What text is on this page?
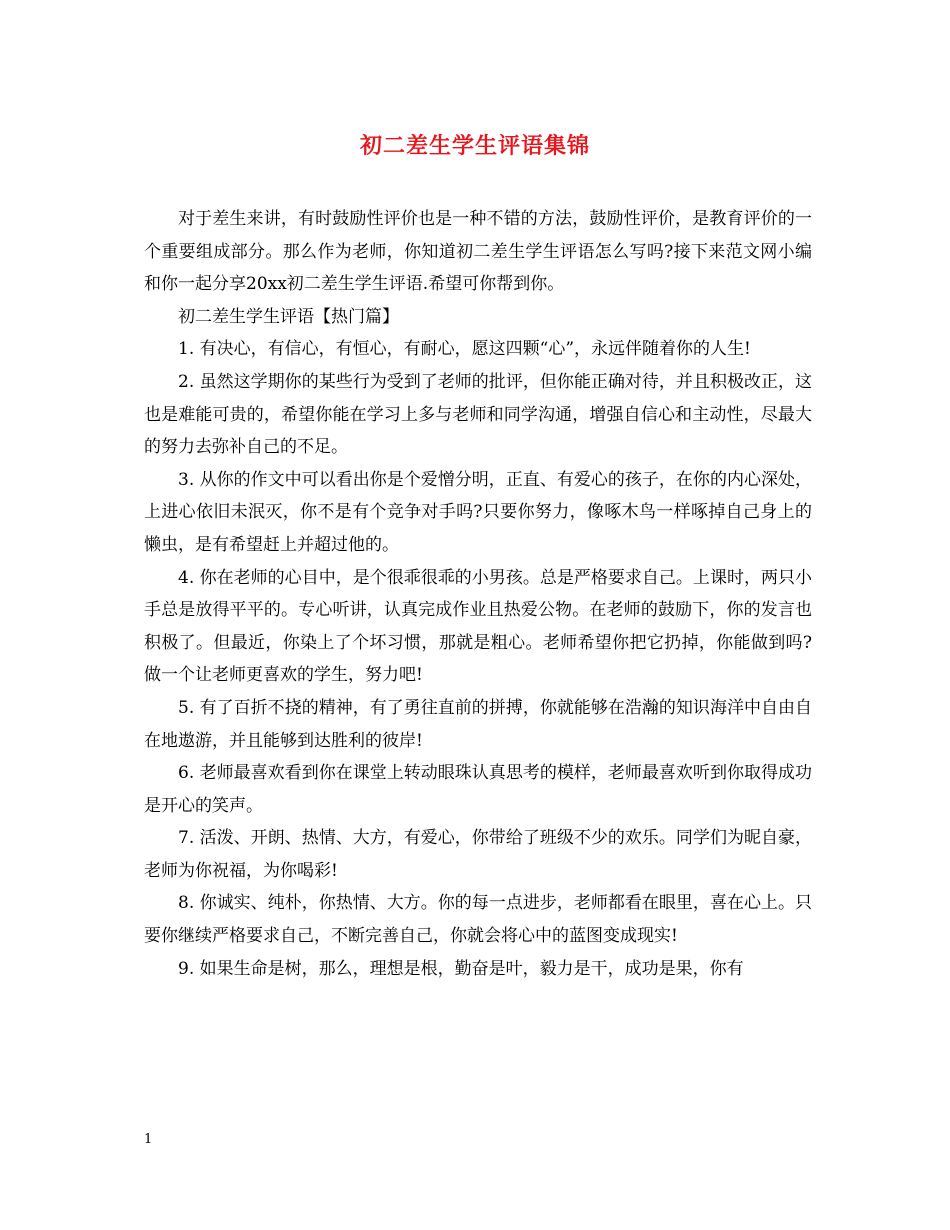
初二差生学生评语集锦

对于差生来讲，有时鼓励性评价也是一种不错的方法，鼓励性评价，是教育评价的一个重要组成部分。那么作为老师，你知道初二差生学生评语怎么写吗?接下来范文网小编和你一起分享20xx初二差生学生评语.希望可你帮到你。

初二差生学生评语【热门篇】

1. 有决心，有信心，有恒心，有耐心，愿这四颗“心”，永远伴随着你的人生!

2. 虽然这学期你的某些行为受到了老师的批评，但你能正确对待，并且积极改正，这也是难能可贵的，希望你能在学习上多与老师和同学沟通，增强自信心和主动性，尽最大的努力去弥补自己的不足。

3. 从你的作文中可以看出你是个爱憎分明，正直、有爱心的孩子，在你的内心深处，上进心依旧未泯灭，你不是有个竞争对手吗?只要你努力，像啄木鸟一样啄掉自己身上的懒虫，是有希望赶上并超过他的。

4. 你在老师的心目中，是个很乖很乖的小男孩。总是严格要求自己。上课时，两只小手总是放得平平的。专心听讲，认真完成作业且热爱公物。在老师的鼓励下，你的发言也积极了。但最近，你染上了个坏习惯，那就是粗心。老师希望你把它扔掉，你能做到吗?做一个让老师更喜欢的学生，努力吧!

5. 有了百折不挠的精神，有了勇往直前的拼搏，你就能够在浩瀚的知识海洋中自由自在地遨游，并且能够到达胜利的彼岸!

6. 老师最喜欢看到你在课堂上转动眼珠认真思考的模样，老师最喜欢听到你取得成功是开心的笑声。

7. 活泼、开朗、热情、大方，有爱心，你带给了班级不少的欢乐。同学们为昵自豪，老师为你祝福，为你喝彩!

8. 你诚实、纯朴，你热情、大方。你的每一点进步，老师都看在眼里，喜在心上。只要你继续严格要求自己，不断完善自己，你就会将心中的蓝图变成现实!

9. 如果生命是树，那么，理想是根，勤奋是叶，毅力是干，成功是果，你有

1
